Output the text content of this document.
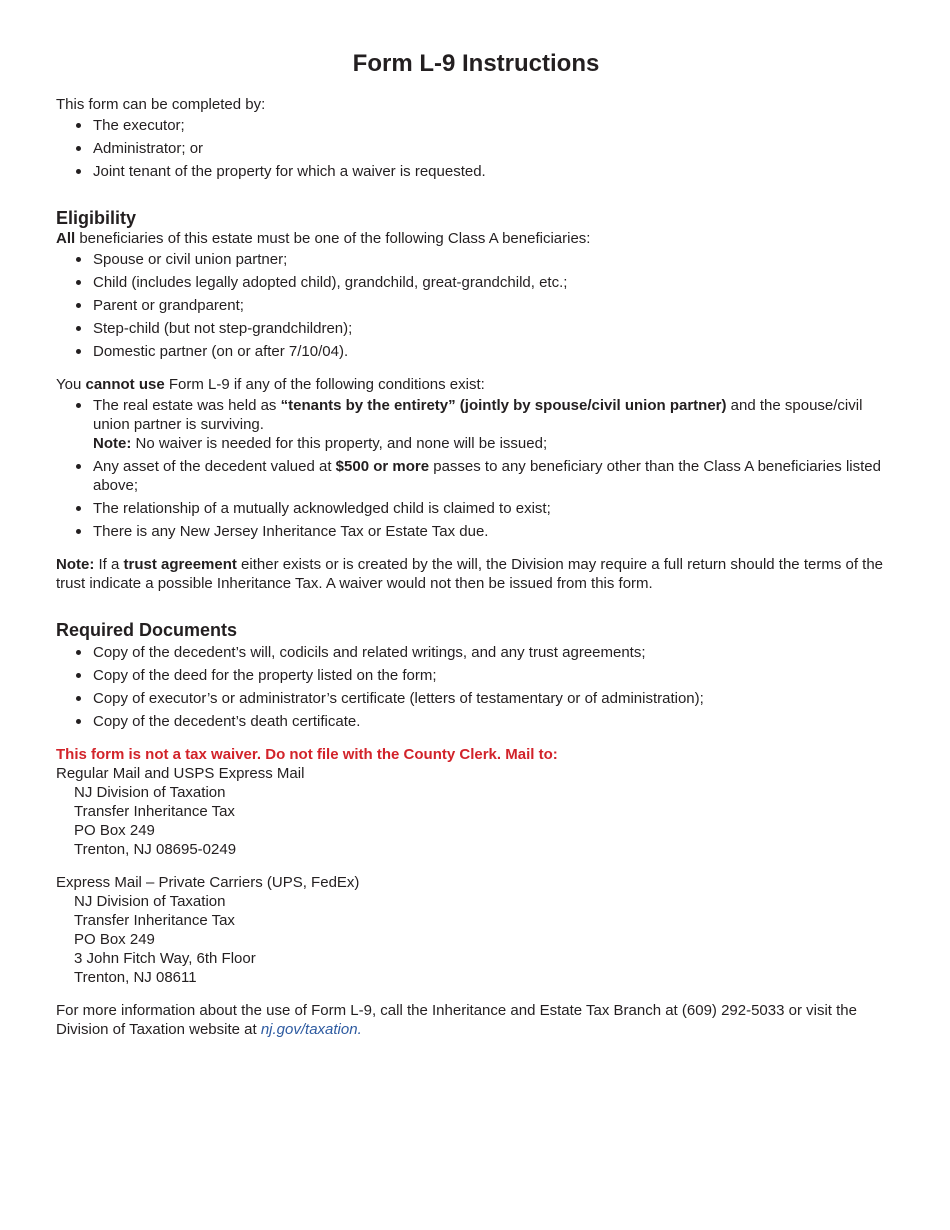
Form L-9 Instructions

This form can be completed by:

The executor;
Administrator; or
Joint tenant of the property for which a waiver is requested.
Eligibility

All beneficiaries of this estate must be one of the following Class A beneficiaries:

Spouse or civil union partner;
Child (includes legally adopted child), grandchild, great-grandchild, etc.;
Parent or grandparent;
Step-child (but not step-grandchildren);
Domestic partner (on or after 7/10/04).

You cannot use Form L-9 if any of the following conditions exist:

The real estate was held as “tenants by the entirety” (jointly by spouse/civil union partner) and the spouse/civil union partner is surviving.
Note: No waiver is needed for this property, and none will be issued;
Any asset of the decedent valued at $500 or more passes to any beneficiary other than the Class A beneficiaries listed above;
The relationship of a mutually acknowledged child is claimed to exist;
There is any New Jersey Inheritance Tax or Estate Tax due.

Note: If a trust agreement either exists or is created by the will, the Division may require a full return should the terms of the trust indicate a possible Inheritance Tax. A waiver would not then be issued from this form.

Required Documents
Copy of the decedent’s will, codicils and related writings, and any trust agreements;
Copy of the deed for the property listed on the form;
Copy of executor’s or administrator’s certificate (letters of testamentary or of administration);
Copy of the decedent’s death certificate.

This form is not a tax waiver. Do not file with the County Clerk. Mail to:

Regular Mail and USPS Express Mail

NJ Division of Taxation
Transfer Inheritance Tax
PO Box 249
Trenton, NJ 08695-0249

Express Mail – Private Carriers (UPS, FedEx)

NJ Division of Taxation
Transfer Inheritance Tax
PO Box 249
3 John Fitch Way, 6th Floor
Trenton, NJ 08611

For more information about the use of Form L-9, call the Inheritance and Estate Tax Branch at (609) 292-5033 or visit the Division of Taxation website at nj.gov/taxation.
